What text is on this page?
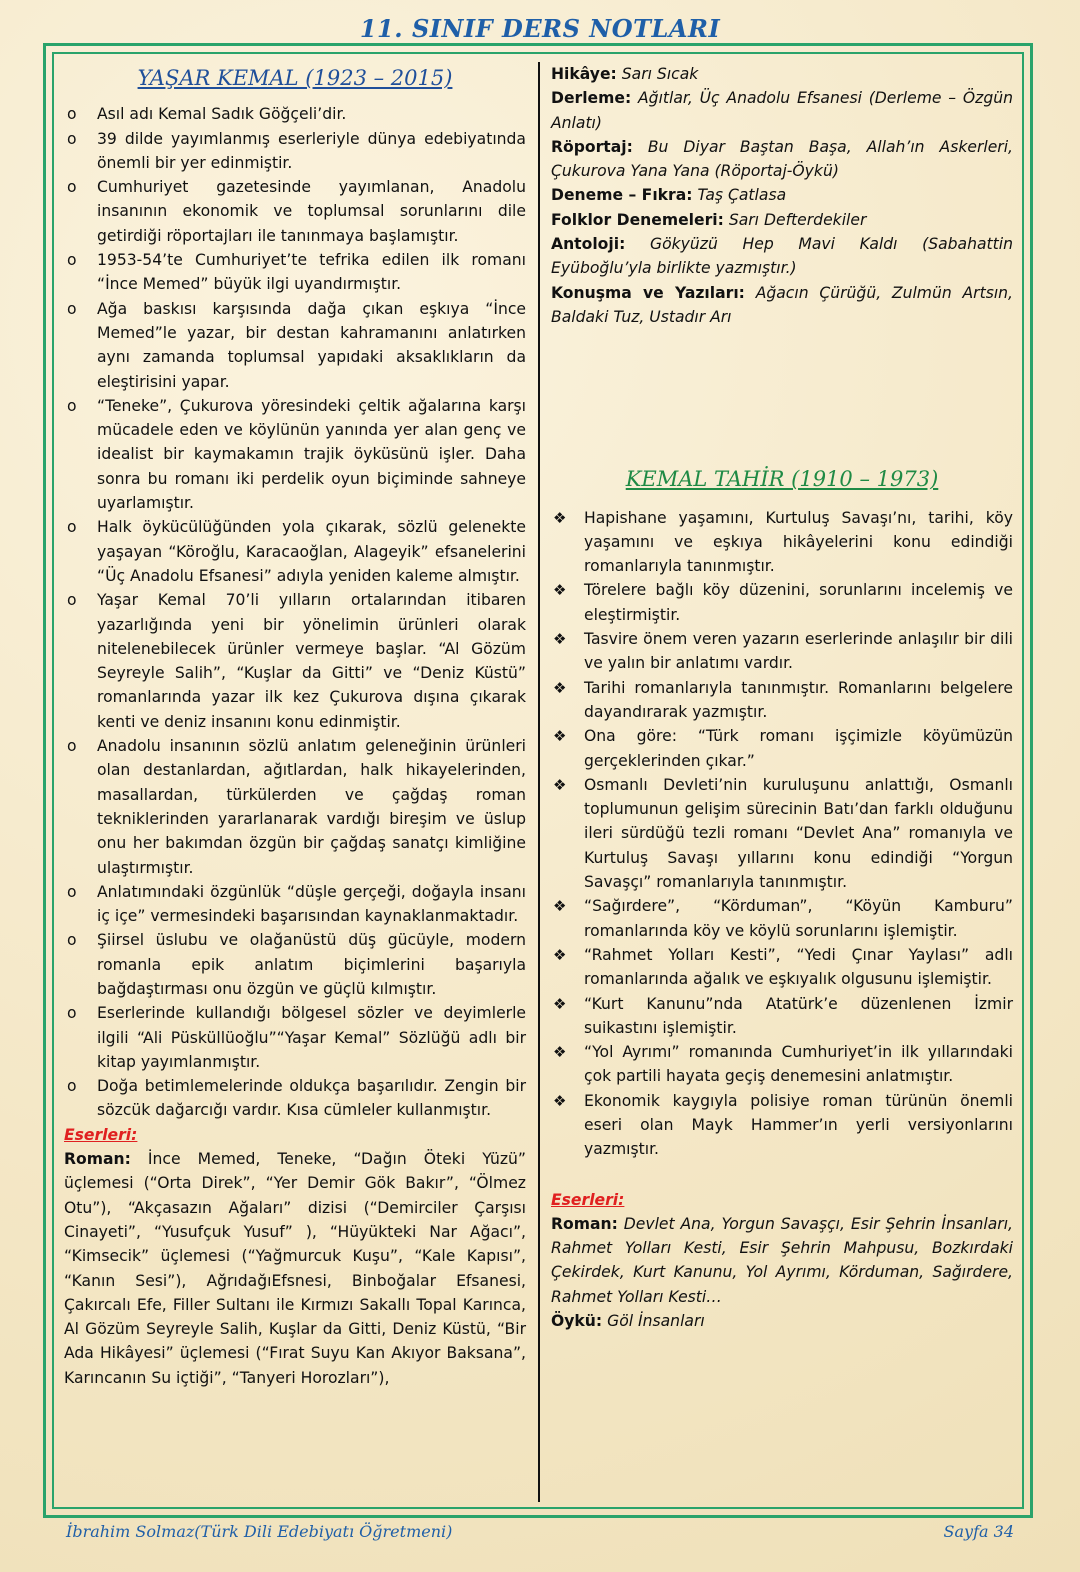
11. SINIF DERS NOTLARI
YAŞAR KEMAL (1923 – 2015)
o Asıl adı Kemal Sadık Göğçeli’dir.
o 39 dilde yayımlanmış eserleriyle dünya edebiyatında önemli bir yer edinmiştir.
o Cumhuriyet gazetesinde yayımlanan, Anadolu insanının ekonomik ve toplumsal sorunlarını dile getirdiği röportajları ile tanınmaya başlamıştır.
o 1953-54’te Cumhuriyet’te tefrika edilen ilk romanı “İnce Memed” büyük ilgi uyandırmıştır.
o Ağa baskısı karşısında dağa çıkan eşkıya “İnce Memed”le yazar, bir destan kahramanını anlatırken aynı zamanda toplumsal yapıdaki aksaklıkların da eleştirisini yapar.
o “Teneke”, Çukurova yöresindeki çeltik ağalarına karşı mücadele eden ve köylünün yanında yer alan genç ve idealist bir kaymakamın trajik öyküsünü işler. Daha sonra bu romanı iki perdelik oyun biçiminde sahneye uyarlamıştır.
o Halk öykücülüğünden yola çıkarak, sözlü gelenekte yaşayan “Köroğlu, Karacaoğlan, Alageyik” efsanelerini “Üç Anadolu Efsanesi” adıyla yeniden kaleme almıştır.
o Yaşar Kemal 70’li yılların ortalarından itibaren yazarlığında yeni bir yönelimin ürünleri olarak nitelenebilecek ürünler vermeye başlar. “Al Gözüm Seyreyle Salih”, “Kuşlar da Gitti” ve “Deniz Küstü” romanlarında yazar ilk kez Çukurova dışına çıkarak kenti ve deniz insanını konu edinmiştir.
o Anadolu insanının sözlü anlatım geleneğinin ürünleri olan destanlardan, ağıtlardan, halk hikayelerinden, masallardan, türkülerden ve çağdaş roman tekniklerinden yararlanarak vardığı bireşim ve üslup onu her bakımdan özgün bir çağdaş sanatçı kimliğine ulaştırmıştır.
o Anlatımındaki özgünlük “düşle gerçeği, doğayla insanı iç içe” vermesindeki başarısından kaynaklanmaktadır.
o Şiirsel üslubu ve olağanüstü düş gücüyle, modern romanla epik anlatım biçimlerini başarıyla bağdaştırması onu özgün ve güçlü kılmıştır.
o Eserlerinde kullandığı bölgesel sözler ve deyimlerle ilgili “Ali Püsküllüoğlu”“Yaşar Kemal” Sözlüğü adlı bir kitap yayımlanmıştır.
o Doğa betimlemelerinde oldukça başarılıdır. Zengin bir sözcük dağarcığı vardır. Kısa cümleler kullanmıştır.
Eserleri:
Roman: İnce Memed, Teneke, “Dağın Öteki Yüzü” üçlemesi (“Orta Direk”, “Yer Demir Gök Bakır”, “Ölmez Otu”), “Akçasazın Ağaları” dizisi (“Demirciler Çarşısı Cinayeti”, “Yusufçuk Yusuf” ), “Hüyükteki Nar Ağacı”, “Kimsecik” üçlemesi (“Yağmurcuk Kuşu”, “Kale Kapısı”, “Kanın Sesi”), AğrıdağıEfsnesi, Binboğalar Efsanesi, Çakırcalı Efe, Filler Sultanı ile Kırmızı Sakallı Topal Karınca, Al Gözüm Seyreyle Salih, Kuşlar da Gitti, Deniz Küstü, “Bir Ada Hikâyesi” üçlemesi (“Fırat Suyu Kan Akıyor Baksana”, Karıncanın Su içtiği”, “Tanyeri Horozları”),
Hikâye: Sarı Sıcak
Derleme: Ağıtlar, Üç Anadolu Efsanesi (Derleme – Özgün Anlatı)
Röportaj: Bu Diyar Baştan Başa, Allah’ın Askerleri, Çukurova Yana Yana (Röportaj-Öykü)
Deneme – Fıkra: Taş Çatlasa
Folklor Denemeleri: Sarı Defterdekiler
Antoloji: Gökyüzü Hep Mavi Kaldı (Sabahattin Eyüboğlu’yla birlikte yazmıştır.)
Konuşma ve Yazıları: Ağacın Çürüğü, Zulmün Artsın, Baldaki Tuz, Ustadır Arı
KEMAL TAHİR (1910 – 1973)
❖ Hapishane yaşamını, Kurtuluş Savaşı’nı, tarihi, köy yaşamını ve eşkıya hikâyelerini konu edindiği romanlarıyla tanınmıştır.
❖ Törelere bağlı köy düzenini, sorunlarını incelemiş ve eleştirmiştir.
❖ Tasvire önem veren yazarın eserlerinde anlaşılır bir dili ve yalın bir anlatımı vardır.
❖ Tarihi romanlarıyla tanınmıştır. Romanlarını belgelere dayandırarak yazmıştır.
❖ Ona göre: “Türk romanı işçimizle köyümüzün gerçeklerinden çıkar.”
❖ Osmanlı Devleti’nin kuruluşunu anlattığı, Osmanlı toplumunun gelişim sürecinin Batı’dan farklı olduğunu ileri sürdüğü tezli romanı “Devlet Ana” romanıyla ve Kurtuluş Savaşı yıllarını konu edindiği “Yorgun Savaşçı” romanlarıyla tanınmıştır.
❖ “Sağırdere”, “Körduman”, “Köyün Kamburu” romanlarında köy ve köylü sorunlarını işlemiştir.
❖ “Rahmet Yolları Kesti”, “Yedi Çınar Yaylası” adlı romanlarında ağalık ve eşkıyalık olgusunu işlemiştir.
❖ “Kurt Kanunu”nda Atatürk’e düzenlenen İzmir suikastını işlemiştir.
❖ “Yol Ayrımı” romanında Cumhuriyet’in ilk yıllarındaki çok partili hayata geçiş denemesini anlatmıştır.
❖ Ekonomik kaygıyla polisiye roman türünün önemli eseri olan Mayk Hammer’ın yerli versiyonlarını yazmıştır.
Eserleri:
Roman: Devlet Ana, Yorgun Savaşçı, Esir Şehrin İnsanları, Rahmet Yolları Kesti, Esir Şehrin Mahpusu, Bozkırdaki Çekirdek, Kurt Kanunu, Yol Ayrımı, Körduman, Sağırdere, Rahmet Yolları Kesti…
Öykü: Göl İnsanları
İbrahim Solmaz(Türk Dili Edebiyatı Öğretmeni)	Sayfa 34
